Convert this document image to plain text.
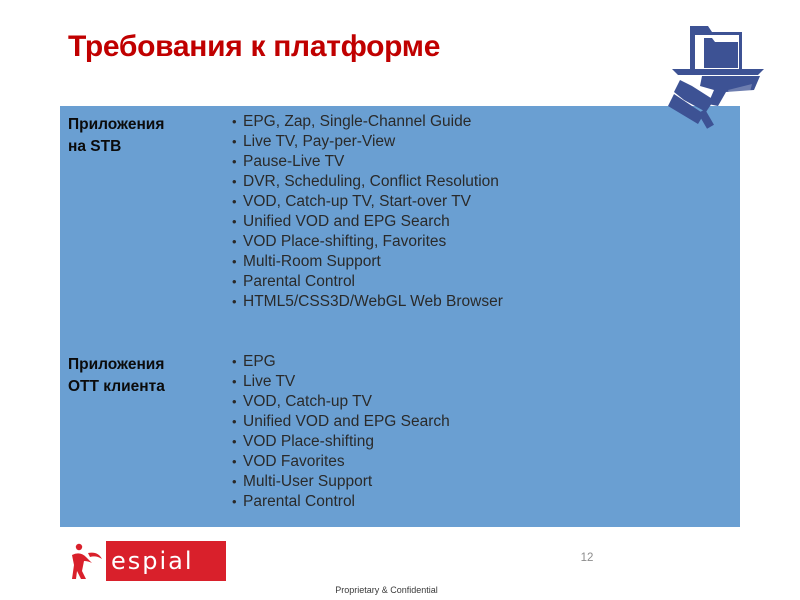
Требования к платформе
Приложения
на STB
• EPG, Zap, Single-Channel Guide
• Live TV, Pay-per-View
• Pause-Live TV
• DVR, Scheduling, Conflict Resolution
• VOD, Catch-up TV, Start-over TV
• Unified VOD and EPG Search
• VOD Place-shifting, Favorites
• Multi-Room Support
• Parental Control
• HTML5/CSS3D/WebGL Web Browser
Приложения
OTT клиента
• EPG
• Live TV
• VOD, Catch-up TV
• Unified VOD and EPG Search
• VOD Place-shifting
• VOD Favorites
• Multi-User Support
• Parental Control
espial	12
Proprietary & Confidential
